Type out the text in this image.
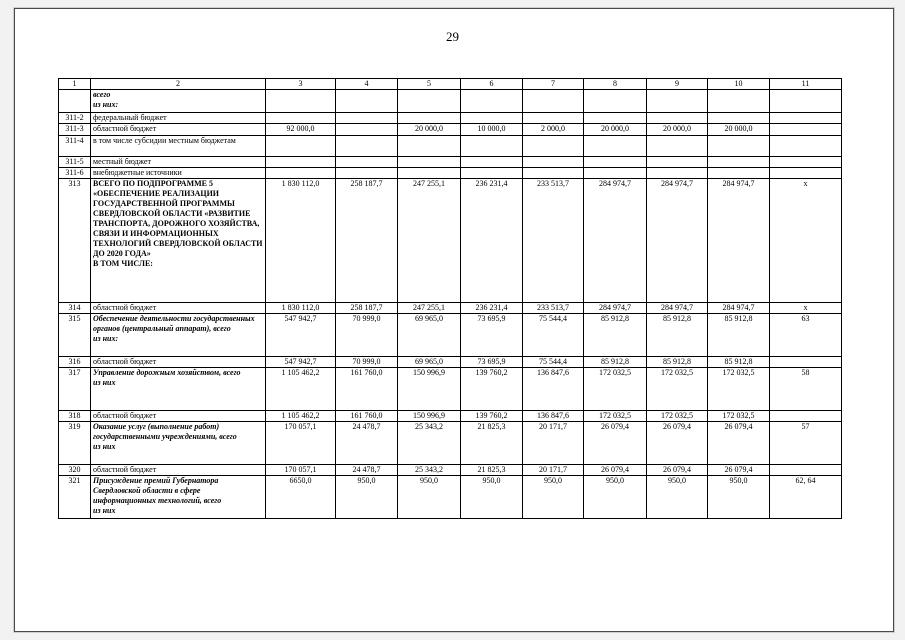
29
1	2	3	4	5	6	7	8	9	10	11
	всего
из них:									
311-2	федеральный бюджет									
311-3	областной бюджет	92 000,0		20 000,0	10 000,0	2 000,0	20 000,0	20 000,0	20 000,0	
311-4	в том числе субсидии местным бюджетам									
311-5	местный бюджет									
311-6	внебюджетные источники									
313	ВСЕГО ПО ПОДПРОГРАММЕ 5 «ОБЕСПЕЧЕНИЕ РЕАЛИЗАЦИИ ГОСУДАРСТВЕННОЙ ПРОГРАММЫ СВЕРДЛОВСКОЙ ОБЛАСТИ «РАЗВИТИЕ ТРАНСПОРТА, ДОРОЖНОГО ХОЗЯЙСТВА, СВЯЗИ И ИНФОРМАЦИОННЫХ ТЕХНОЛОГИЙ СВЕРДЛОВСКОЙ ОБЛАСТИ ДО 2020 ГОДА»
В ТОМ ЧИСЛЕ:	1 830 112,0	258 187,7	247 255,1	236 231,4	233 513,7	284 974,7	284 974,7	284 974,7	х
314	областной бюджет	1 830 112,0	258 187,7	247 255,1	236 231,4	233 513,7	284 974,7	284 974,7	284 974,7	х
315	Обеспечение деятельности государственных органов (центральный аппарат), всего
из них:	547 942,7	70 999,0	69 965,0	73 695,9	75 544,4	85 912,8	85 912,8	85 912,8	63
316	областной бюджет	547 942,7	70 999,0	69 965,0	73 695,9	75 544,4	85 912,8	85 912,8	85 912,8	
317	Управление дорожным хозяйством, всего
из них	1 105 462,2	161 760,0	150 996,9	139 760,2	136 847,6	172 032,5	172 032,5	172 032,5	58
318	областной бюджет	1 105 462,2	161 760,0	150 996,9	139 760,2	136 847,6	172 032,5	172 032,5	172 032,5	
319	Оказание услуг (выполнение работ) государственными учреждениями, всего
из них	170 057,1	24 478,7	25 343,2	21 825,3	20 171,7	26 079,4	26 079,4	26 079,4	57
320	областной бюджет	170 057,1	24 478,7	25 343,2	21 825,3	20 171,7	26 079,4	26 079,4	26 079,4	
321	Присуждение премий Губернатора Свердловской области в сфере информационных технологий, всего
из них	6650,0	950,0	950,0	950,0	950,0	950,0	950,0	950,0	62, 64
